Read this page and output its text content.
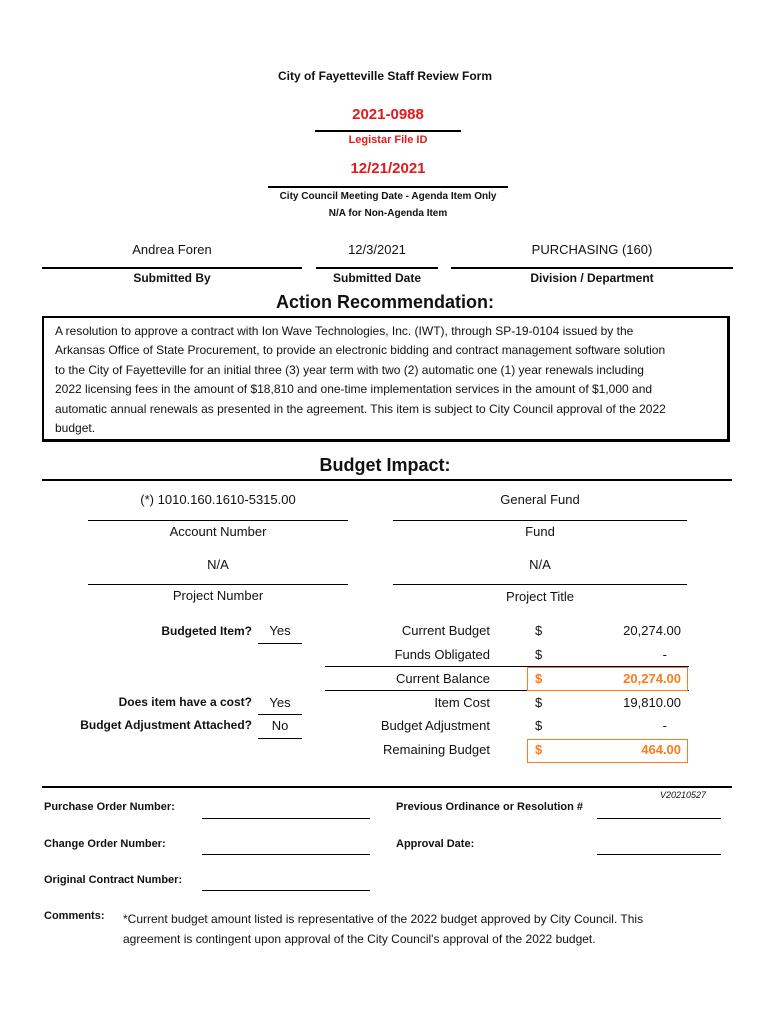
City of Fayetteville Staff Review Form
2021-0988
Legistar File ID
12/21/2021
City Council Meeting Date - Agenda Item Only
N/A for Non-Agenda Item
Andrea Foren
Submitted By
12/3/2021
Submitted Date
PURCHASING (160)
Division / Department
Action Recommendation:
A resolution to approve a contract with Ion Wave Technologies, Inc. (IWT), through SP-19-0104 issued by the
Arkansas Office of State Procurement, to provide an electronic bidding and contract management software solution
to the City of Fayetteville for an initial three (3) year term with two (2) automatic one (1) year renewals including
2022 licensing fees in the amount of $18,810 and one-time implementation services in the amount of $1,000 and
automatic annual renewals as presented in the agreement. This item is subject to City Council approval of the 2022
budget.
Budget Impact:
(*) 1010.160.1610-5315.00
Account Number
General Fund
Fund
N/A
Project Number
N/A
Project Title
Budgeted Item?	Yes
Does item have a cost?	Yes
Budget Adjustment Attached?	No
Current Budget	$	20,274.00
Funds Obligated	$	-
Current Balance	$	20,274.00
Item Cost	$	19,810.00
Budget Adjustment	$	-
Remaining Budget	$	464.00
V20210527
Purchase Order Number:	Previous Ordinance or Resolution #
Change Order Number:	Approval Date:
Original Contract Number:
Comments: *Current budget amount listed is representative of the 2022 budget approved by City Council. This
agreement is contingent upon approval of the City Council's approval of the 2022 budget.
